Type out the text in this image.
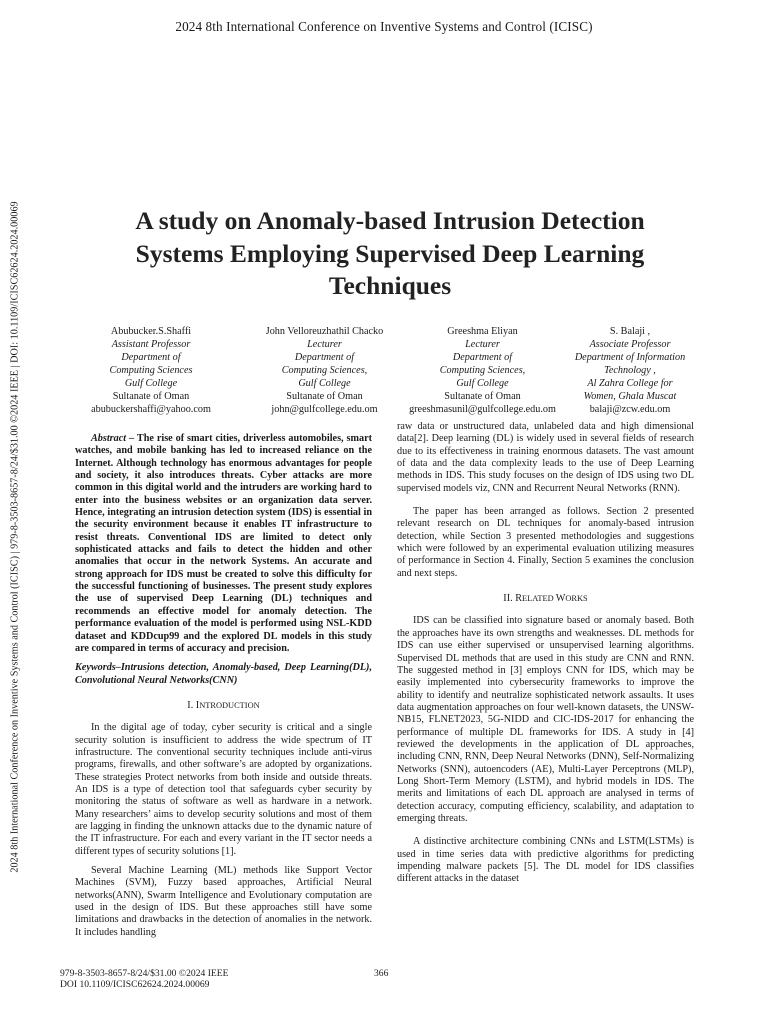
2024 8th International Conference on Inventive Systems and Control (ICISC)
2024 8th International Conference on Inventive Systems and Control (ICISC) | 979-8-3503-8657-8/24/$31.00 ©2024 IEEE | DOI: 10.1109/ICISC62624.2024.00069	A study on Anomaly-based Intrusion Detection Systems Employing Supervised Deep Learning Techniques
Abubucker.S.Shaffi
Assistant Professor
Department of
Computing Sciences
Gulf College
Sultanate of Oman
abubuckershaffi@yahoo.com
John Velloreuzhathil Chacko
Lecturer
Department of
Computing Sciences,
Gulf College
Sultanate of Oman
john@gulfcollege.edu.om
Greeshma Eliyan
Lecturer
Department of
Computing Sciences,
Gulf College
Sultanate of Oman
greeshmasunil@gulfcollege.edu.om
S. Balaji ,
Associate Professor
Department of Information
Technology ,
Al Zahra College for
Women, Ghala Muscat
balaji@zcw.edu.om

Abstract – The rise of smart cities, driverless automobiles, smart watches, and mobile banking has led to increased reliance on the Internet. Although technology has enormous advantages for people and society, it also introduces threats. Cyber attacks are more common in this digital world and the intruders are working hard to enter into the business websites or an organization data server. Hence, integrating an intrusion detection system (IDS) is essential in the security environment because it enables IT infrastructure to resist threats. Conventional IDS are limited to detect only sophisticated attacks and fails to detect the hidden and other anomalies that occur in the network Systems. An accurate and strong approach for IDS must be created to solve this difficulty for the successful functioning of businesses. The present study explores the use of supervised Deep Learning (DL) techniques and recommends an effective model for anomaly detection. The performance evaluation of the model is performed using NSL-KDD dataset and KDDcup99 and the explored DL models in this study are compared in terms of accuracy and precision.

Keywords–Intrusions detection, Anomaly-based, Deep Learning(DL), Convolutional Neural Networks(CNN)

I. INTRODUCTION

In the digital age of today, cyber security is critical and a single security solution is insufficient to address the wide spectrum of IT infrastructure. The conventional security techniques include anti-virus programs, firewalls, and other software’s are adopted by organizations. These strategies Protect networks from both inside and outside threats. An IDS is a type of detection tool that safeguards cyber security by monitoring the status of software as well as hardware in a network. Many researchers’ aims to develop security solutions and most of them are lagging in finding the unknown attacks due to the dynamic nature of the IT infrastructure. For each and every variant in the IT sector needs a different types of security solutions [1].

Several Machine Learning (ML) methods like Support Vector Machines (SVM), Fuzzy based approaches, Artificial Neural networks(ANN), Swarm Intelligence and Evolutionary computation are used in the design of IDS. But these approaches still have some limitations and drawbacks in the detection of anomalies in the network. It includes handling

raw data or unstructured data, unlabeled data and high dimensional data[2]. Deep learning (DL) is widely used in several fields of research due to its effectiveness in training enormous datasets. The vast amount of data and the data complexity leads to the use of Deep Learning methods in IDS. This study focuses on the design of IDS using two DL supervised models viz, CNN and Recurrent Neural Networks (RNN).

The paper has been arranged as follows. Section 2 presented relevant research on DL techniques for anomaly-based intrusion detection, while Section 3 presented methodologies and suggestions which were followed by an experimental evaluation utilizing measures of performance in Section 4. Finally, Section 5 examines the conclusion and next steps.

II. RELATED WORKS

IDS can be classified into signature based or anomaly based. Both the approaches have its own strengths and weaknesses. DL methods for IDS can use either supervised or unsupervised learning algorithms. Supervised DL methods that are used in this study are CNN and RNN. The suggested method in [3] employs CNN for IDS, which may be easily implemented into cybersecurity frameworks to improve the ability to identify and neutralize sophisticated network assaults. It uses data augmentation approaches on four well-known datasets, the UNSW-NB15, FLNET2023, 5G-NIDD and CIC-IDS-2017 for enhancing the performance of multiple DL frameworks for IDS. A study in [4] reviewed the developments in the application of DL approaches, including CNN, RNN, Deep Neural Networks (DNN), Self-Normalizing Networks (SNN), autoencoders (AE), Multi-Layer Perceptrons (MLP), Long Short-Term Memory (LSTM), and hybrid models in IDS. The merits and limitations of each DL approach are analysed in terms of detection accuracy, computing efficiency, scalability, and adaptation to emerging threats.

A distinctive architecture combining CNNs and LSTM(LSTMs) is used in time series data with predictive algorithms for predicting impending malware packets [5]. The DL model for IDS classifies different attacks in the dataset

979-8-3503-8657-8/24/$31.00 ©2024 IEEE
DOI 10.1109/ICISC62624.2024.00069
366
